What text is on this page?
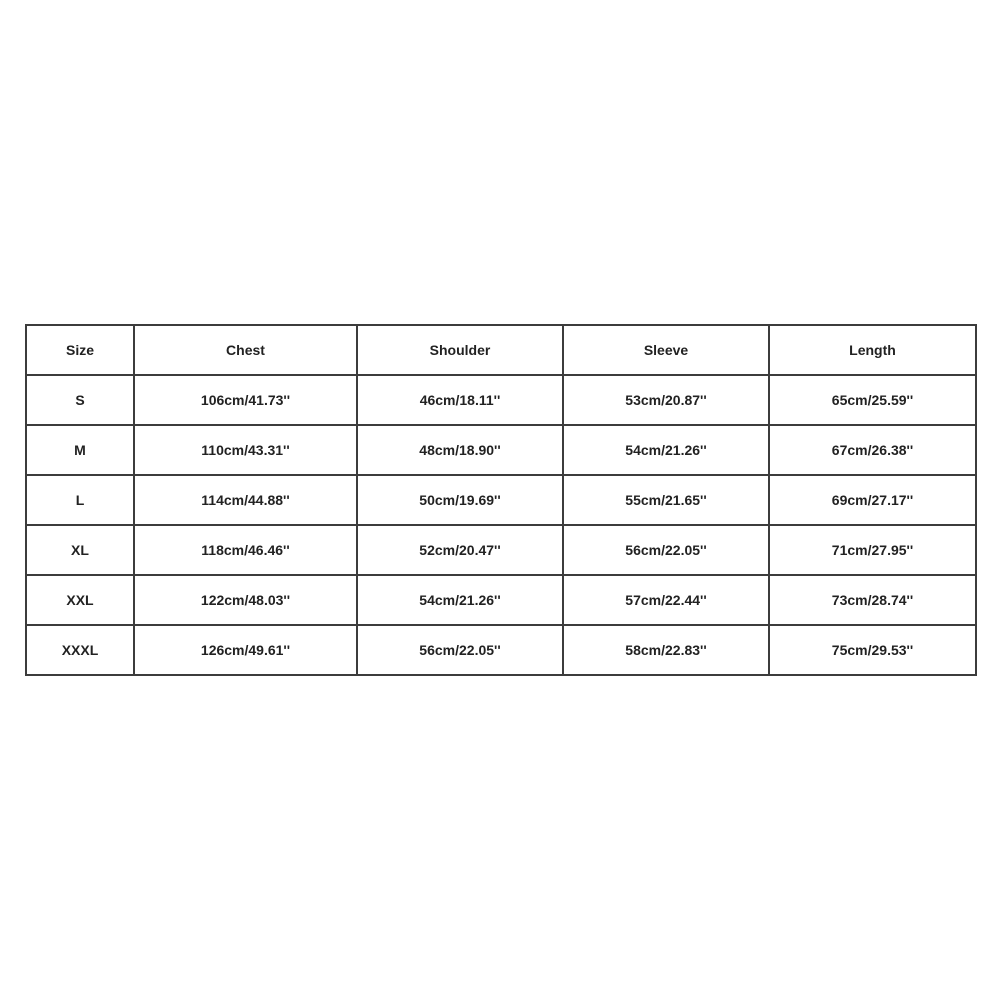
Size	Chest	Shoulder	Sleeve	Length
S	106cm/41.73''	46cm/18.11''	53cm/20.87''	65cm/25.59''
M	110cm/43.31''	48cm/18.90''	54cm/21.26''	67cm/26.38''
L	114cm/44.88''	50cm/19.69''	55cm/21.65''	69cm/27.17''
XL	118cm/46.46''	52cm/20.47''	56cm/22.05''	71cm/27.95''
XXL	122cm/48.03''	54cm/21.26''	57cm/22.44''	73cm/28.74''
XXXL	126cm/49.61''	56cm/22.05''	58cm/22.83''	75cm/29.53''
